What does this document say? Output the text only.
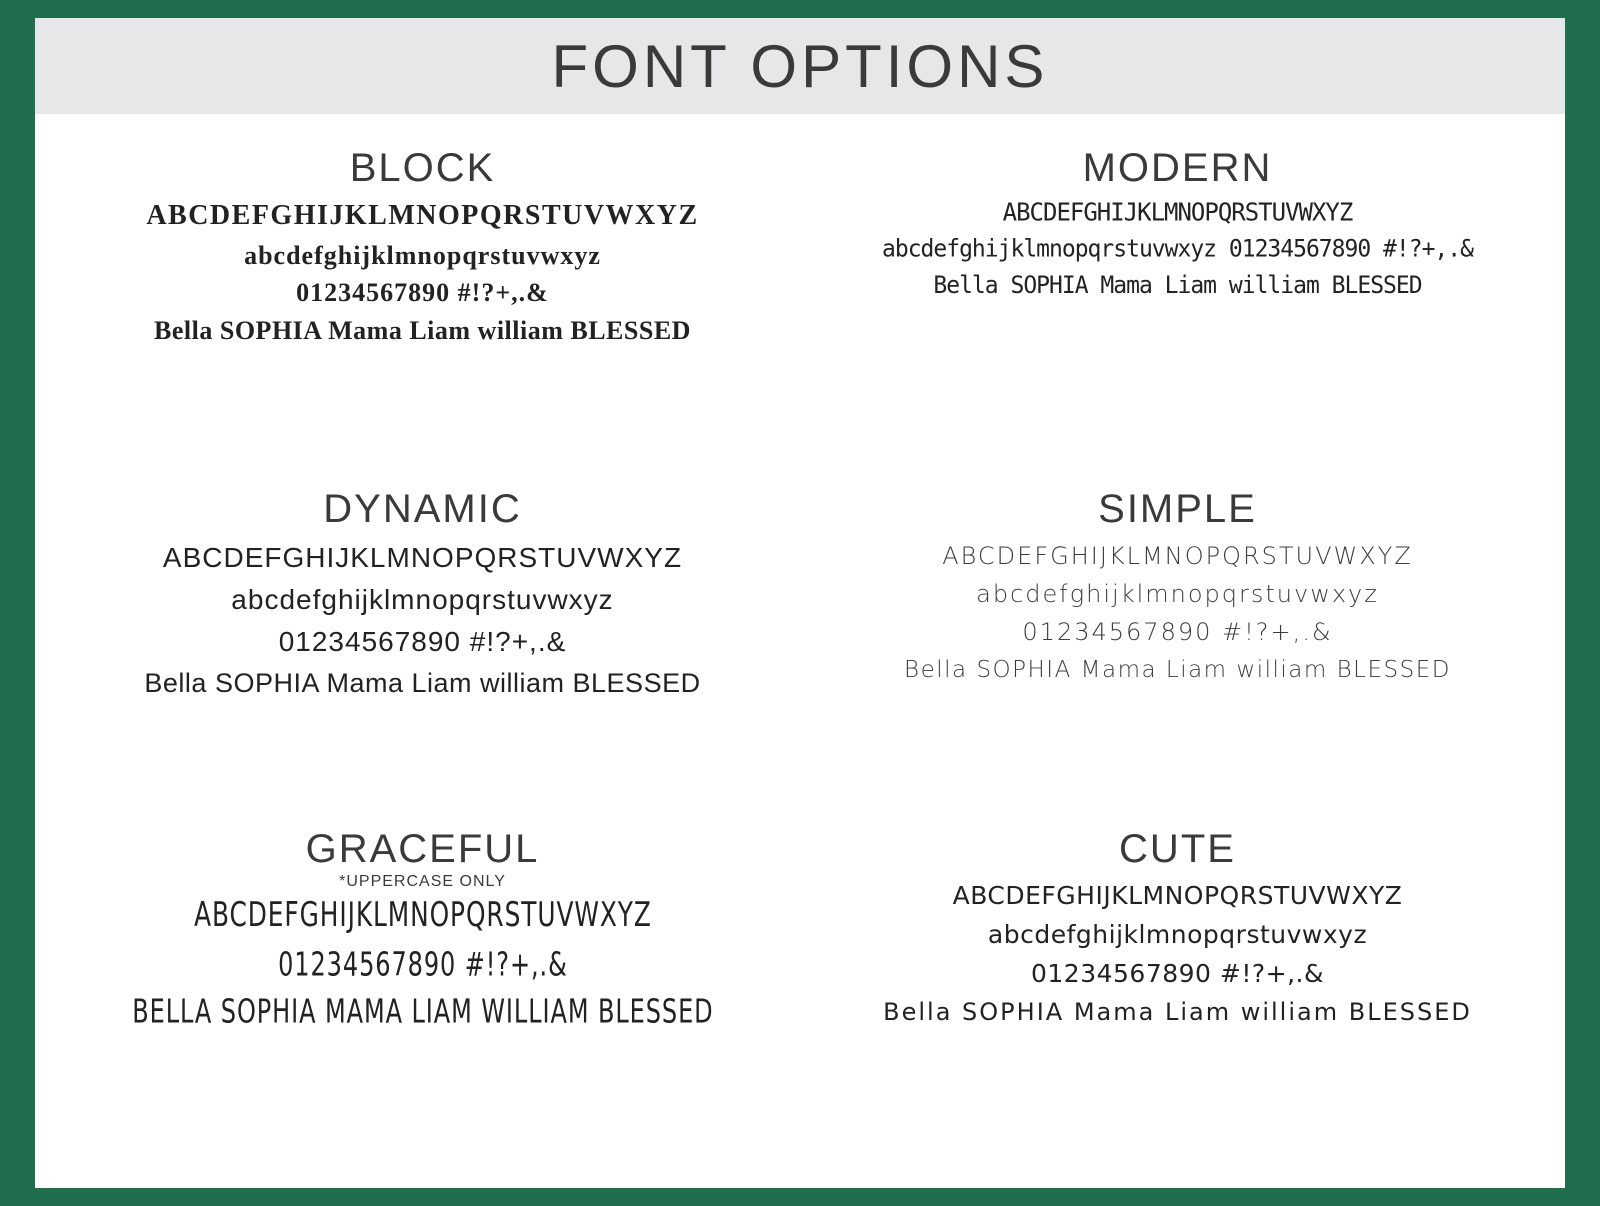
FONT OPTIONS
BLOCK
ABCDEFGHIJKLMNOPQRSTUVWXYZ
abcdefghijklmnopqrstuvwxyz
01234567890 #!?+,.&
Bella SOPHIA Mama Liam william BLESSED
MODERN
ABCDEFGHIJKLMNOPQRSTUVWXYZ
abcdefghijklmnopqrstuvwxyz 01234567890 #!?+,.&
Bella SOPHIA Mama Liam william BLESSED
DYNAMIC
ABCDEFGHIJKLMNOPQRSTUVWXYZ
abcdefghijklmnopqrstuvwxyz
01234567890 #!?+,.&
Bella SOPHIA Mama Liam william BLESSED
SIMPLE
ABCDEFGHIJKLMNOPQRSTUVWXYZ
abcdefghijklmnopqrstuvwxyz
01234567890 #!?+,.&
Bella SOPHIA Mama Liam william BLESSED
GRACEFUL
*UPPERCASE ONLY
ABCDEFGHIJKLMNOPQRSTUVWXYZ
01234567890 #!?+,.&
BELLA SOPHIA MAMA LIAM WILLIAM BLESSED
CUTE
ABCDEFGHIJKLMNOPQRSTUVWXYZ
abcdefghijklmnopqrstuvwxyz
01234567890 #!?+,.&
Bella SOPHIA Mama Liam william BLESSED
